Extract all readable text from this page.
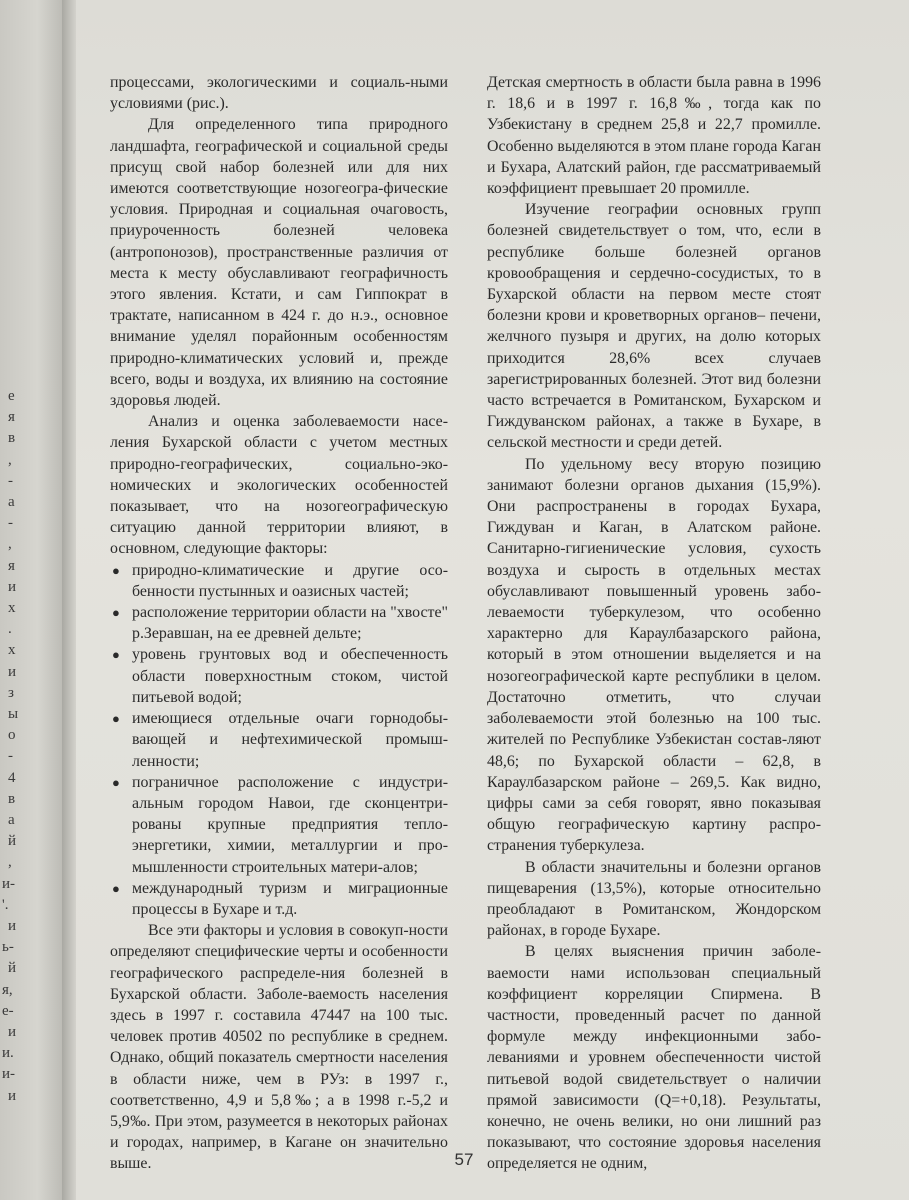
е
я
в
,
-
а
-
,
я
и
х
.
х
и
з
ы
о
-
4
в
а
й
,
и-
'.
и
ь-
й
я,
е-
и
и.
и-
и

процессами, экологическими и социаль-ными условиями (рис.).

Для определенного типа природного ландшафта, географической и социальной среды присущ свой набор болезней или для них имеются соответствующие нозогеогра-фические условия. Природная и социальная очаговость, приуроченность болезней человека (антропонозов), пространственные различия от места к месту обуславливают географичность этого явления. Кстати, и сам Гиппократ в трактате, написанном в 424 г. до н.э., основное внимание уделял порайонным особенностям природно-климатических условий и, прежде всего, воды и воздуха, их влиянию на состояние здоровья людей.

Анализ и оценка заболеваемости насе-ления Бухарской области с учетом местных природно-географических, социально-эко-номических и экологических особенностей показывает, что на нозогеографическую ситуацию данной территории влияют, в основном, следующие факторы:

● природно-климатические и другие осо-бенности пустынных и оазисных частей;
● расположение территории области на "хвосте" р.Зеравшан, на ее древней дельте;
● уровень грунтовых вод и обеспеченность области поверхностным стоком, чистой питьевой водой;
● имеющиеся отдельные очаги горнодобы-вающей и нефтехимической промыш-ленности;
● пограничное расположение с индустри-альным городом Навои, где сконцентри-рованы крупные предприятия тепло-энергетики, химии, металлургии и про-мышленности строительных матери-алов;
● международный туризм и миграционные процессы в Бухаре и т.д.

Все эти факторы и условия в совокуп-ности определяют специфические черты и особенности географического распределе-ния болезней в Бухарской области. Заболе-ваемость населения здесь в 1997 г. составила 47447 на 100 тыс. человек против 40502 по республике в среднем. Однако, общий показатель смертности населения в области ниже, чем в РУз: в 1997 г., соответственно, 4,9 и 5,8‰; а в 1998 г.-5,2 и 5,9‰. При этом, разумеется в некоторых районах и городах, например, в Кагане он значительно выше.

Детская смертность в области была равна в 1996 г. 18,6 и в 1997 г. 16,8‰, тогда как по Узбекистану в среднем 25,8 и 22,7 промилле. Особенно выделяются в этом плане города Каган и Бухара, Алатский район, где рассматриваемый коэффициент превышает 20 промилле.

Изучение географии основных групп болезней свидетельствует о том, что, если в республике больше болезней органов кровообращения и сердечно-сосудистых, то в Бухарской области на первом месте стоят болезни крови и кроветворных органов– печени, желчного пузыря и других, на долю которых приходится 28,6% всех случаев зарегистрированных болезней. Этот вид болезни часто встречается в Ромитанском, Бухарском и Гиждуванском районах, а также в Бухаре, в сельской местности и среди детей.

По удельному весу вторую позицию занимают болезни органов дыхания (15,9%). Они распространены в городах Бухара, Гиждуван и Каган, в Алатском районе. Санитарно-гигиенические условия, сухость воздуха и сырость в отдельных местах обуславливают повышенный уровень забо-леваемости туберкулезом, что особенно характерно для Караулбазарского района, который в этом отношении выделяется и на нозогеографической карте республики в целом. Достаточно отметить, что случаи заболеваемости этой болезнью на 100 тыс. жителей по Республике Узбекистан состав-ляют 48,6; по Бухарской области – 62,8, в Караулбазарском районе – 269,5. Как видно, цифры сами за себя говорят, явно показывая общую географическую картину распро-странения туберкулеза.

В области значительны и болезни органов пищеварения (13,5%), которые относительно преобладают в Ромитанском, Жондорском районах, в городе Бухаре.

В целях выяснения причин заболе-ваемости нами использован специальный коэффициент корреляции Спирмена. В частности, проведенный расчет по данной формуле между инфекционными забо-леваниями и уровнем обеспеченности чистой питьевой водой свидетельствует о наличии прямой зависимости (Q=+0,18). Результаты, конечно, не очень велики, но они лишний раз показывают, что состояние здоровья населения определяется не одним,

57
